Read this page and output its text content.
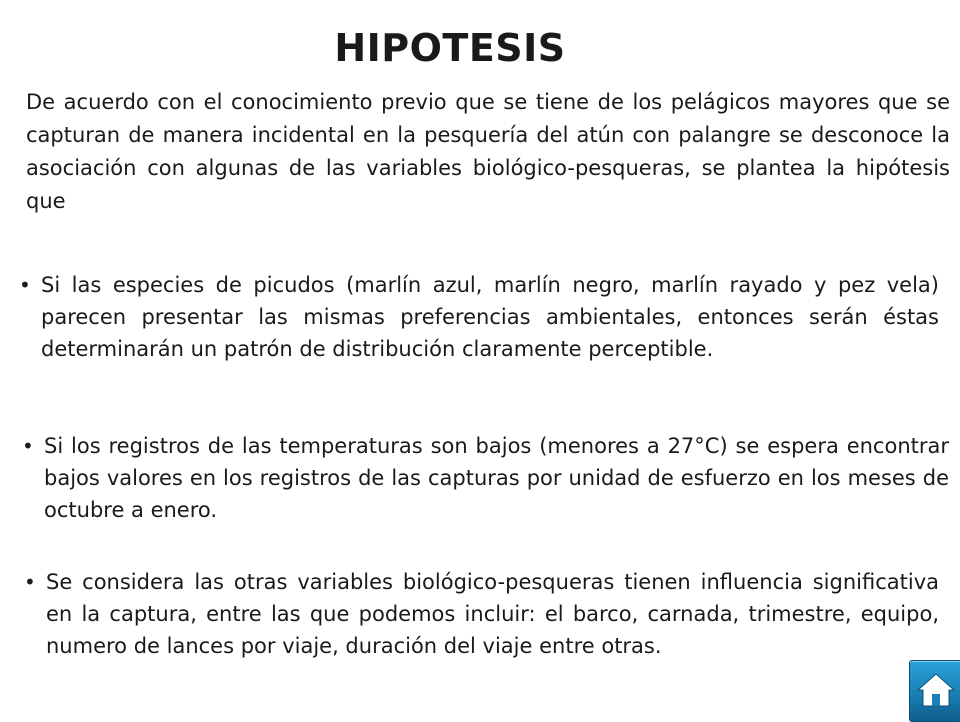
HIPOTESIS

De acuerdo con el conocimiento previo que se tiene de los pelágicos mayores que se capturan de manera incidental en la pesquería del atún con palangre se desconoce la asociación con algunas de las variables biológico-pesqueras, se plantea la hipótesis que

• Si las especies de picudos (marlín azul, marlín negro, marlín rayado y pez vela) parecen presentar las mismas preferencias ambientales, entonces serán éstas determinarán un patrón de distribución claramente perceptible.
• Si los registros de las temperaturas son bajos (menores a 27°C) se espera encontrar bajos valores en los registros de las capturas por unidad de esfuerzo en los meses de octubre a enero.
• Se considera las otras variables biológico-pesqueras tienen influencia significativa en la captura, entre las que podemos incluir: el barco, carnada, trimestre, equipo, numero de lances por viaje, duración del viaje entre otras.
